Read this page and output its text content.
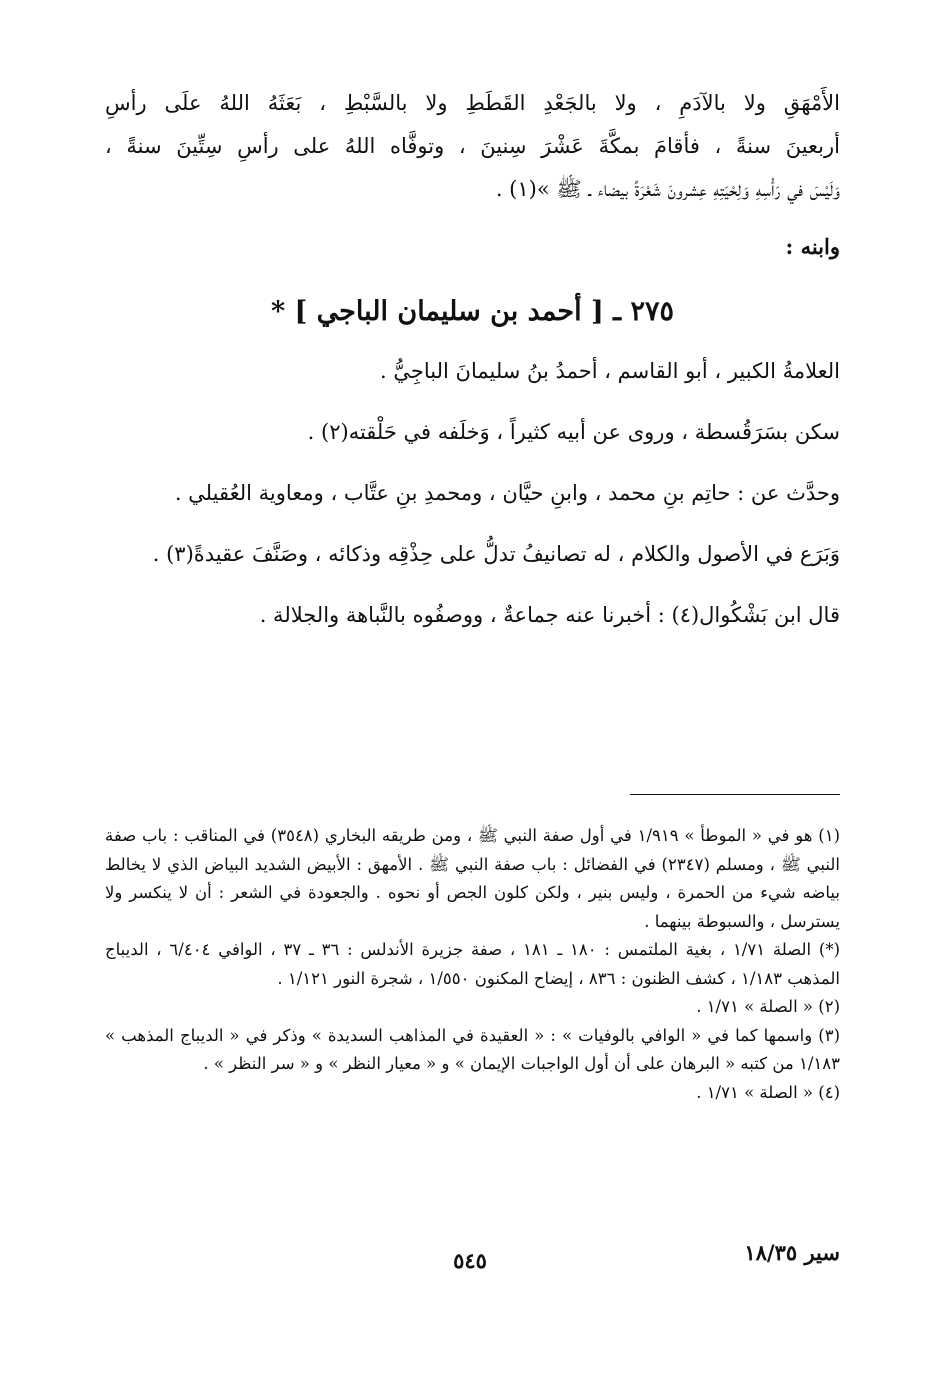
الأَمْهَقِ ولا بالآدَمِ ، ولا بالجَعْدِ القَطَطِ ولا بالسَّبْطِ ، بَعَثَهُ اللهُ علَى رأسِ

أربعينَ سنةً ، فأقامَ بمكَّةَ عَشْرَ سِنينَ ، وتوفَّاه اللهُ على رأسِ سِتِّينَ سنةً ،

وَلَيْسَ في رَأْسِهِ وَلِحْيَتِهِ عِشرونَ شَعْرَةً بيضاء ـ ﷺ »(١) .

وابنه :

٢٧٥ ـ [ أحمد بن سليمان الباجي ] *

العلامةُ الكبير ، أبو القاسم ، أحمدُ بنُ سليمانَ الباجِيُّ .

سكن بسَرَقُسطة ، وروى عن أبيه كثيراً ، وَخلَفه في حَلْقته(٢) .

وحدَّث عن : حاتِم بنِ محمد ، وابنِ حيَّان ، ومحمدِ بنِ عتَّاب ، ومعاوية العُقيلي .

وَبَرَع في الأصول والكلام ، له تصانيفُ تدلُّ على حِذْقِه وذكائه ، وصَنَّفَ عقيدةً(٣) .

قال ابن بَشْكُوال(٤) : أخبرنا عنه جماعةٌ ، ووصفُوه بالنَّباهة والجلالة .

(١) هو في « الموطأ » ١/٩١٩ في أول صفة النبي ﷺ ، ومن طريقه البخاري (٣٥٤٨) في المناقب : باب صفة النبي ﷺ ، ومسلم (٢٣٤٧) في الفضائل : باب صفة النبي ﷺ . الأمهق : الأبيض الشديد البياض الذي لا يخالط بياضه شيء من الحمرة ، وليس بنير ، ولكن كلون الجص أو نحوه . والجعودة في الشعر : أن لا ينكسر ولا يسترسل ، والسبوطة بينهما .

(*) الصلة ١/٧١ ، بغية الملتمس : ١٨٠ ـ ١٨١ ، صفة جزيرة الأندلس : ٣٦ ـ ٣٧ ، الوافي ٦/٤٠٤ ، الديباج المذهب ١/١٨٣ ، كشف الظنون : ٨٣٦ ، إيضاح المكنون ١/٥٥٠ ، شجرة النور ١/١٢١ .

(٢) « الصلة » ١/٧١ .

(٣) واسمها كما في « الوافي بالوفيات » : « العقيدة في المذاهب السديدة » وذكر في « الديباج المذهب » ١/١٨٣ من كتبه « البرهان على أن أول الواجبات الإيمان » و « معيار النظر » و « سر النظر » .

(٤) « الصلة » ١/٧١ .

سير ١٨/٣٥
٥٤٥
